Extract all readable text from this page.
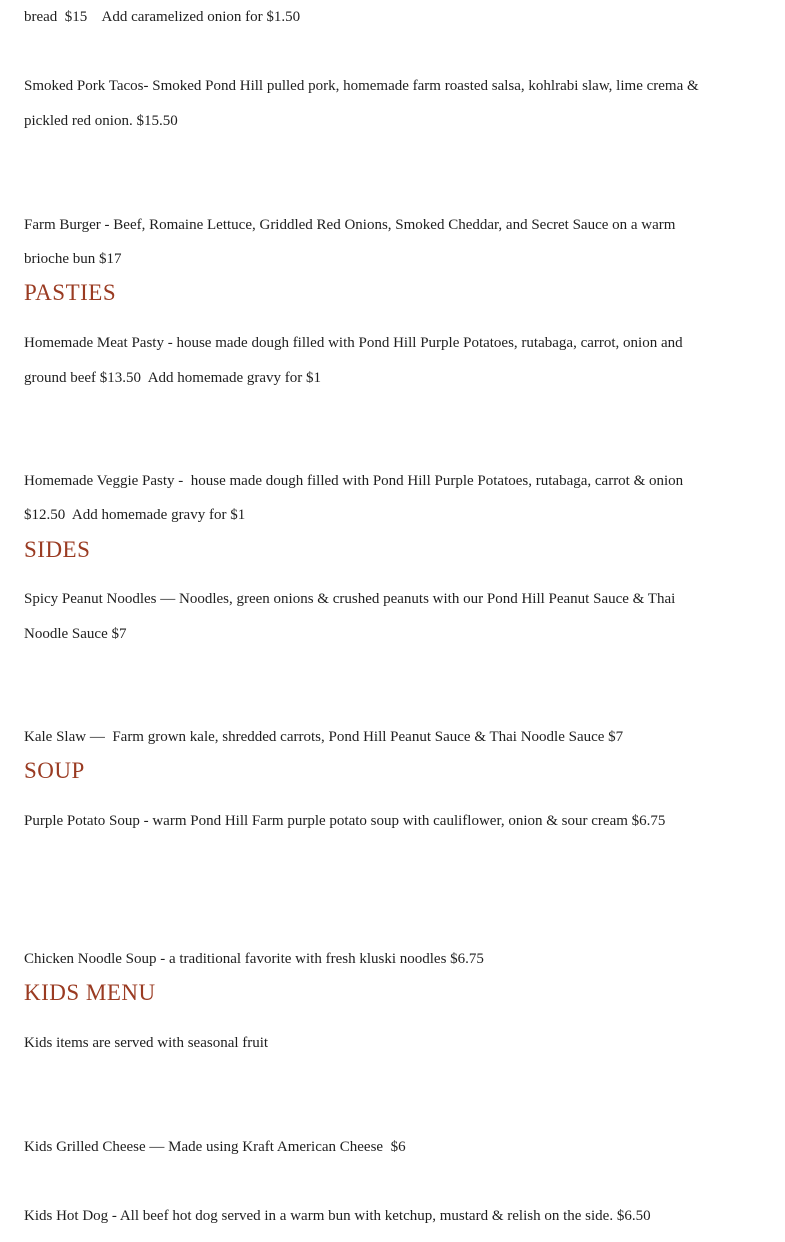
bread  $15    Add caramelized onion for $1.50

Smoked Pork Tacos- Smoked Pond Hill pulled pork, homemade farm roasted salsa, kohlrabi slaw, lime crema & pickled red onion. $15.50

Farm Burger - Beef, Romaine Lettuce, Griddled Red Onions, Smoked Cheddar, and Secret Sauce on a warm brioche bun $17

PASTIES

Homemade Meat Pasty - house made dough filled with Pond Hill Purple Potatoes, rutabaga, carrot, onion and ground beef $13.50  Add homemade gravy for $1

Homemade Veggie Pasty -  house made dough filled with Pond Hill Purple Potatoes, rutabaga, carrot & onion $12.50  Add homemade gravy for $1

SIDES

Spicy Peanut Noodles — Noodles, green onions & crushed peanuts with our Pond Hill Peanut Sauce & Thai Noodle Sauce $7

Kale Slaw —  Farm grown kale, shredded carrots, Pond Hill Peanut Sauce & Thai Noodle Sauce $7

SOUP

Purple Potato Soup - warm Pond Hill Farm purple potato soup with cauliflower, onion & sour cream $6.75

Chicken Noodle Soup - a traditional favorite with fresh kluski noodles $6.75

KIDS MENU

Kids items are served with seasonal fruit

Kids Grilled Cheese — Made using Kraft American Cheese  $6

Kids Hot Dog - All beef hot dog served in a warm bun with ketchup, mustard & relish on the side. $6.50
